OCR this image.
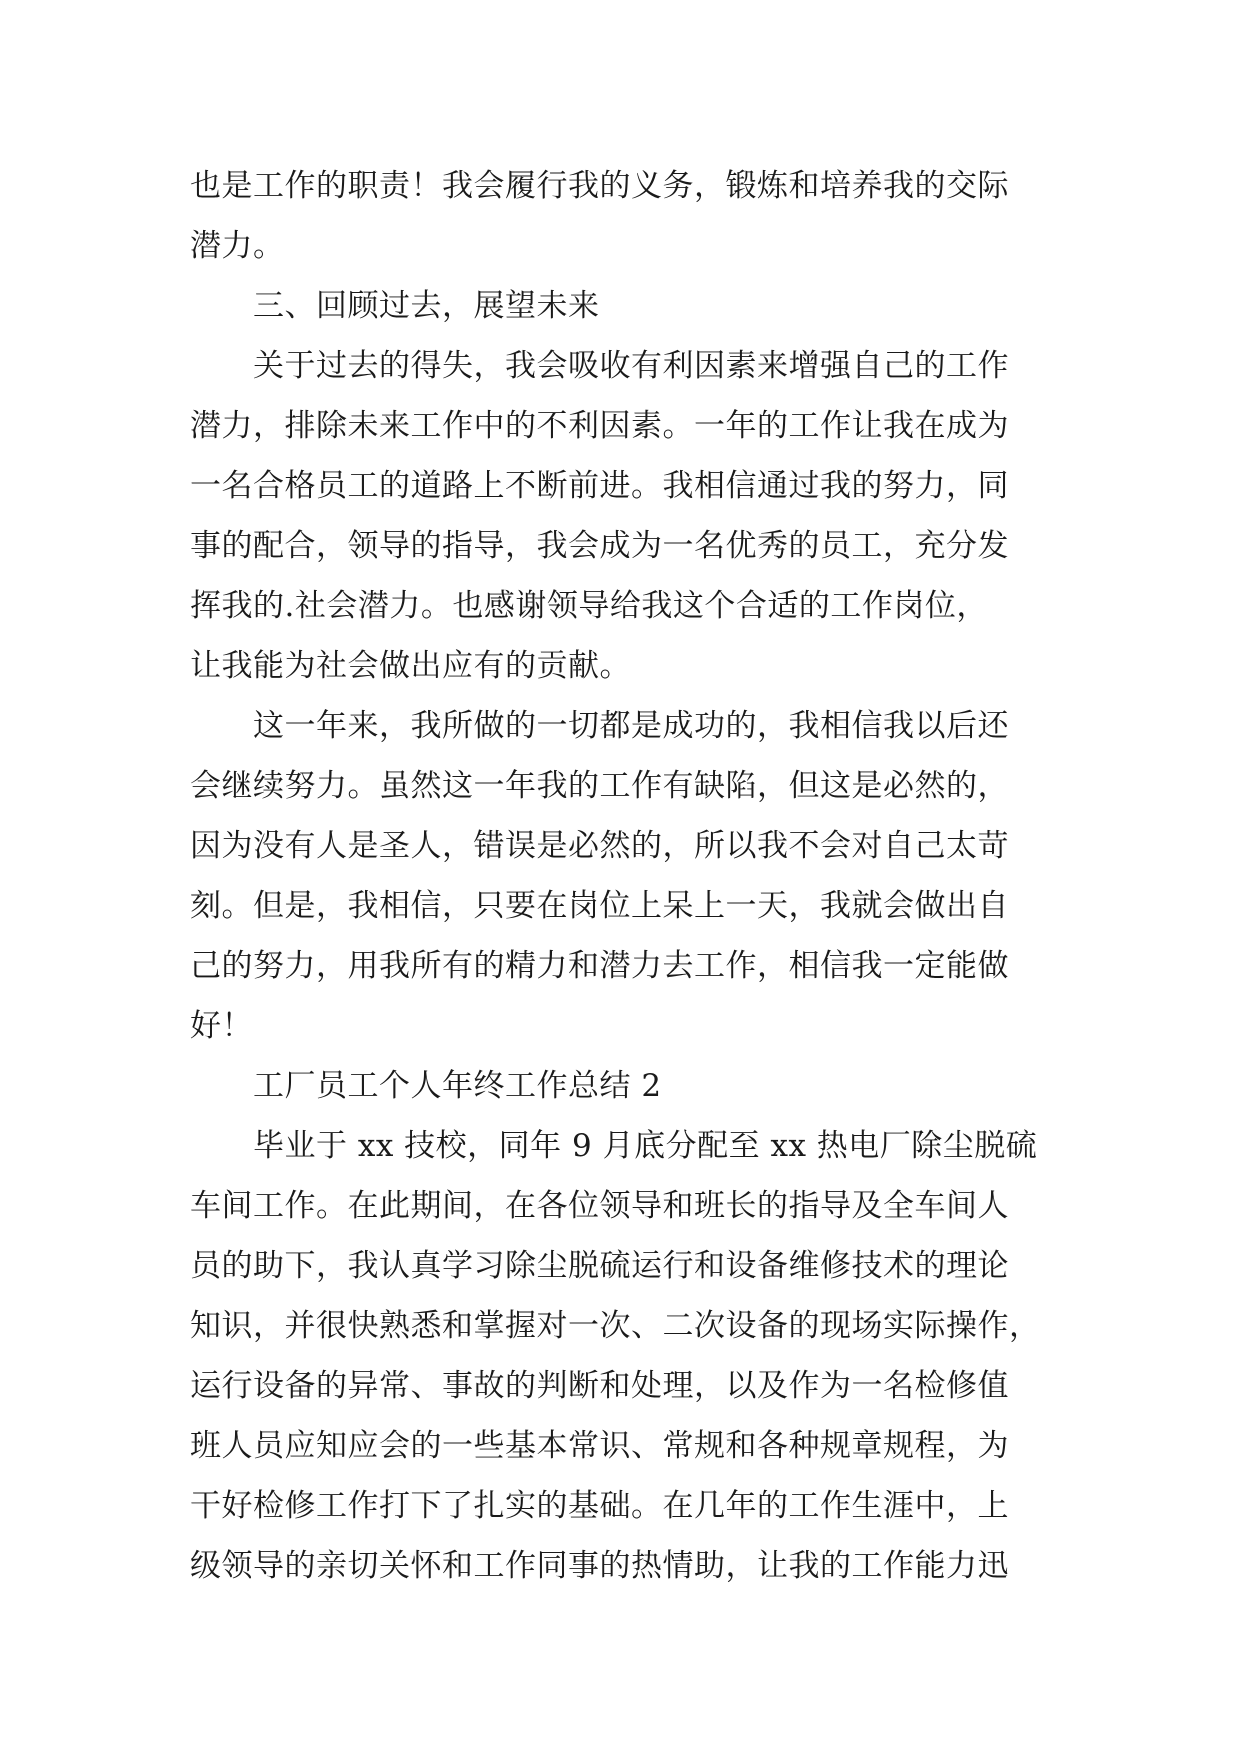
也是工作的职责！我会履行我的义务，锻炼和培养我的交际
潜力。
三、回顾过去，展望未来
关于过去的得失，我会吸收有利因素来增强自己的工作
潜力，排除未来工作中的不利因素。一年的工作让我在成为
一名合格员工的道路上不断前进。我相信通过我的努力，同
事的配合，领导的指导，我会成为一名优秀的员工，充分发
挥我的.社会潜力。也感谢领导给我这个合适的工作岗位，
让我能为社会做出应有的贡献。
这一年来，我所做的一切都是成功的，我相信我以后还
会继续努力。虽然这一年我的工作有缺陷，但这是必然的，
因为没有人是圣人，错误是必然的，所以我不会对自己太苛
刻。但是，我相信，只要在岗位上呆上一天，我就会做出自
己的努力，用我所有的精力和潜力去工作，相信我一定能做
好！
工厂员工个人年终工作总结 2
毕业于 xx 技校，同年 9 月底分配至 xx 热电厂除尘脱硫
车间工作。在此期间，在各位领导和班长的指导及全车间人
员的助下，我认真学习除尘脱硫运行和设备维修技术的理论
知识，并很快熟悉和掌握对一次、二次设备的现场实际操作，
运行设备的异常、事故的判断和处理，以及作为一名检修值
班人员应知应会的一些基本常识、常规和各种规章规程，为
干好检修工作打下了扎实的基础。在几年的工作生涯中，上
级领导的亲切关怀和工作同事的热情助，让我的工作能力迅
